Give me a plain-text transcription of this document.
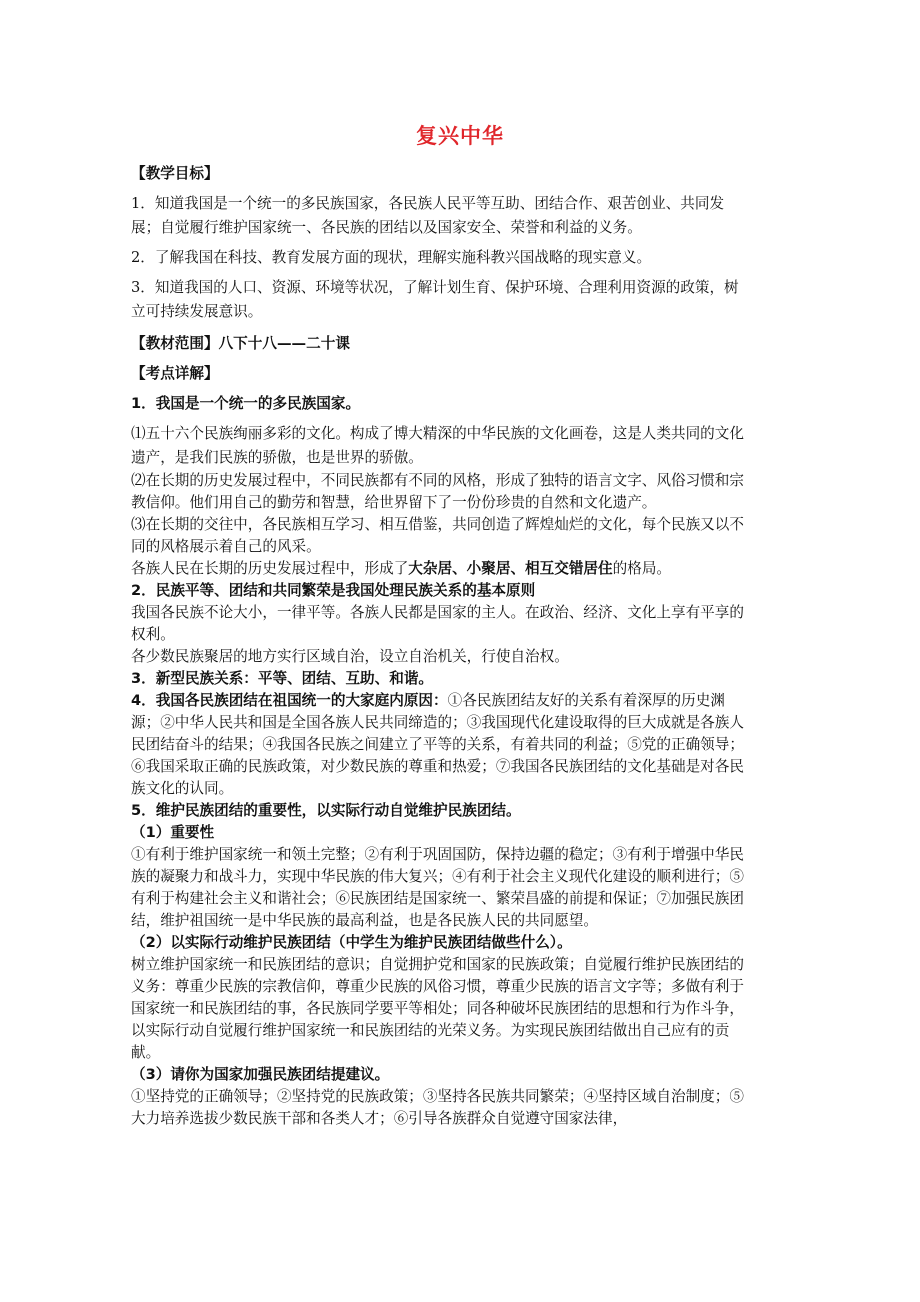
复兴中华

【教学目标】

1．知道我国是一个统一的多民族国家，各民族人民平等互助、团结合作、艰苦创业、共同发展；自觉履行维护国家统一、各民族的团结以及国家安全、荣誉和利益的义务。

2．了解我国在科技、教育发展方面的现状，理解实施科教兴国战略的现实意义。

3．知道我国的人口、资源、环境等状况，了解计划生育、保护环境、合理利用资源的政策，树立可持续发展意识。

【教材范围】八下十八——二十课

【考点详解】

1．我国是一个统一的多民族国家。

⑴五十六个民族绚丽多彩的文化。构成了博大精深的中华民族的文化画卷，这是人类共同的文化遗产，是我们民族的骄傲，也是世界的骄傲。

⑵在长期的历史发展过程中，不同民族都有不同的风格，形成了独特的语言文字、风俗习惯和宗教信仰。他们用自己的勤劳和智慧，给世界留下了一份份珍贵的自然和文化遗产。

⑶在长期的交往中，各民族相互学习、相互借鉴，共同创造了辉煌灿烂的文化，每个民族又以不同的风格展示着自己的风采。

各族人民在长期的历史发展过程中，形成了大杂居、小聚居、相互交错居住的格局。

2．民族平等、团结和共同繁荣是我国处理民族关系的基本原则

我国各民族不论大小，一律平等。各族人民都是国家的主人。在政治、经济、文化上享有平享的权利。

各少数民族聚居的地方实行区域自治，设立自治机关，行使自治权。

3．新型民族关系：平等、团结、互助、和谐。

4．我国各民族团结在祖国统一的大家庭内原因：①各民族团结友好的关系有着深厚的历史渊源；②中华人民共和国是全国各族人民共同缔造的；③我国现代化建设取得的巨大成就是各族人民团结奋斗的结果；④我国各民族之间建立了平等的关系，有着共同的利益；⑤党的正确领导；⑥我国采取正确的民族政策，对少数民族的尊重和热爱；⑦我国各民族团结的文化基础是对各民族文化的认同。

5．维护民族团结的重要性，以实际行动自觉维护民族团结。

（1）重要性

①有利于维护国家统一和领土完整；②有利于巩固国防，保持边疆的稳定；③有利于增强中华民族的凝聚力和战斗力，实现中华民族的伟大复兴；④有利于社会主义现代化建设的顺利进行；⑤有利于构建社会主义和谐社会；⑥民族团结是国家统一、繁荣昌盛的前提和保证；⑦加强民族团结，维护祖国统一是中华民族的最高利益，也是各民族人民的共同愿望。

（2）以实际行动维护民族团结（中学生为维护民族团结做些什么）。

树立维护国家统一和民族团结的意识；自觉拥护党和国家的民族政策；自觉履行维护民族团结的义务：尊重少民族的宗教信仰，尊重少民族的风俗习惯，尊重少民族的语言文字等；多做有利于国家统一和民族团结的事，各民族同学要平等相处；同各种破坏民族团结的思想和行为作斗争，以实际行动自觉履行维护国家统一和民族团结的光荣义务。为实现民族团结做出自己应有的贡献。

（3）请你为国家加强民族团结提建议。

①坚持党的正确领导；②坚持党的民族政策；③坚持各民族共同繁荣；④坚持区域自治制度；⑤大力培养选拔少数民族干部和各类人才；⑥引导各族群众自觉遵守国家法律，
